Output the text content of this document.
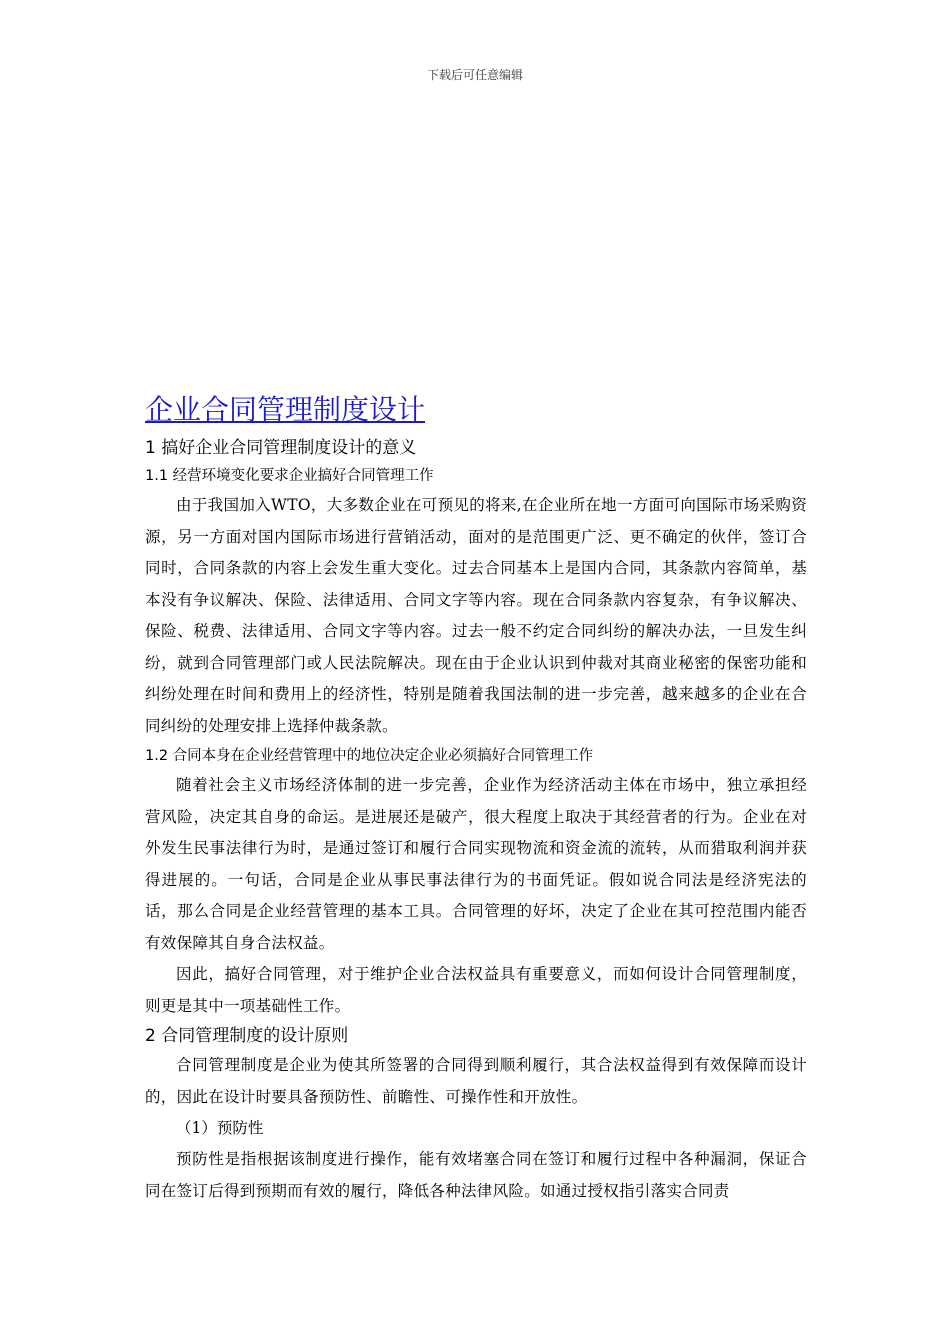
下载后可任意编辑
企业合同管理制度设计
1 搞好企业合同管理制度设计的意义
1.1 经营环境变化要求企业搞好合同管理工作

由于我国加入WTO，大多数企业在可预见的将来,在企业所在地一方面可向国际市场采购资源，另一方面对国内国际市场进行营销活动，面对的是范围更广泛、更不确定的伙伴，签订合同时，合同条款的内容上会发生重大变化。过去合同基本上是国内合同，其条款内容简单，基本没有争议解决、保险、法律适用、合同文字等内容。现在合同条款内容复杂，有争议解决、保险、税费、法律适用、合同文字等内容。过去一般不约定合同纠纷的解决办法，一旦发生纠纷，就到合同管理部门或人民法院解决。现在由于企业认识到仲裁对其商业秘密的保密功能和纠纷处理在时间和费用上的经济性，特别是随着我国法制的进一步完善，越来越多的企业在合同纠纷的处理安排上选择仲裁条款。

1.2 合同本身在企业经营管理中的地位决定企业必须搞好合同管理工作

随着社会主义市场经济体制的进一步完善，企业作为经济活动主体在市场中，独立承担经营风险，决定其自身的命运。是进展还是破产，很大程度上取决于其经营者的行为。企业在对外发生民事法律行为时，是通过签订和履行合同实现物流和资金流的流转，从而猎取利润并获得进展的。一句话，合同是企业从事民事法律行为的书面凭证。假如说合同法是经济宪法的话，那么合同是企业经营管理的基本工具。合同管理的好坏，决定了企业在其可控范围内能否有效保障其自身合法权益。

因此，搞好合同管理，对于维护企业合法权益具有重要意义，而如何设计合同管理制度，则更是其中一项基础性工作。

2 合同管理制度的设计原则

合同管理制度是企业为使其所签署的合同得到顺利履行，其合法权益得到有效保障而设计的，因此在设计时要具备预防性、前瞻性、可操作性和开放性。

（1）预防性

预防性是指根据该制度进行操作，能有效堵塞合同在签订和履行过程中各种漏洞，保证合同在签订后得到预期而有效的履行，降低各种法律风险。如通过授权指引落实合同责
